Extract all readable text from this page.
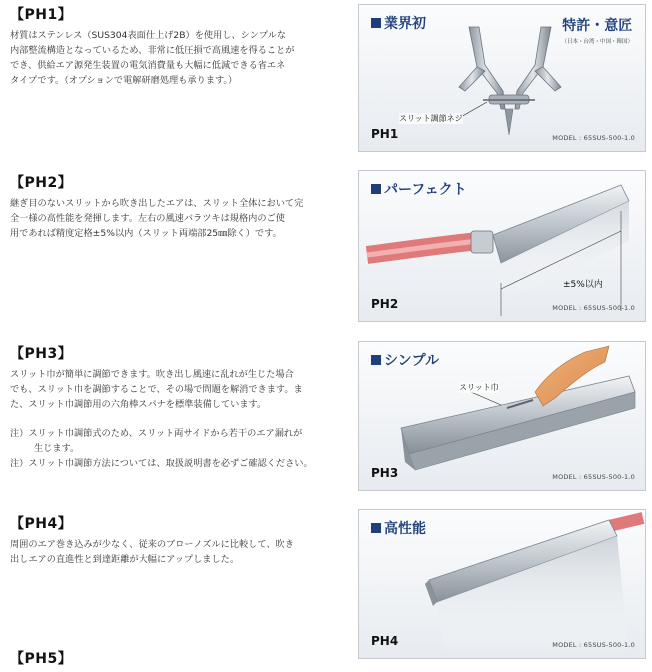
【PH1】

材質はステンレス（SUS304表面仕上げ2B）を使用し、シンプルな

内部整流構造となっているため、非常に低圧損で高風速を得ることが

でき、供給エア源発生装置の電気消費量も大幅に低減できる省エネ

タイプです。（オプションで電解研磨処理も承ります。）

【PH2】

継ぎ目のないスリットから吹き出したエアは、スリット全体において完

全一様の高性能を発揮します。左右の風速バラツキは規格内のご使

用であれば精度定格±5%以内（スリット両端部25㎜除く）です。

【PH3】

スリット巾が簡単に調節できます。吹き出し風速に乱れが生じた場合

でも、スリット巾を調節することで、その場で問題を解消できます。ま

た、スリット巾調節用の六角棒スパナを標準装備しています。

注）スリット巾調節式のため、スリット両サイドから若干のエア漏れが

生じます。

注）スリット巾調節方法については、取扱説明書を必ずご確認ください。

【PH4】

周囲のエア巻き込みが少なく、従来のブローノズルに比較して、吹き

出しエアの直進性と到達距離が大幅にアップしました。

【PH5】
業界初	特許・意匠
（日本・台湾・中国・韓国）
スリット調節ネジ
PH1	MODEL : 65SUS-500-1.0
パーフェクト
±5%以内
PH2	MODEL : 65SUS-500-1.0
シンプル
スリット巾
PH3	MODEL : 65SUS-500-1.0
高性能
PH4	MODEL : 65SUS-500-1.0
